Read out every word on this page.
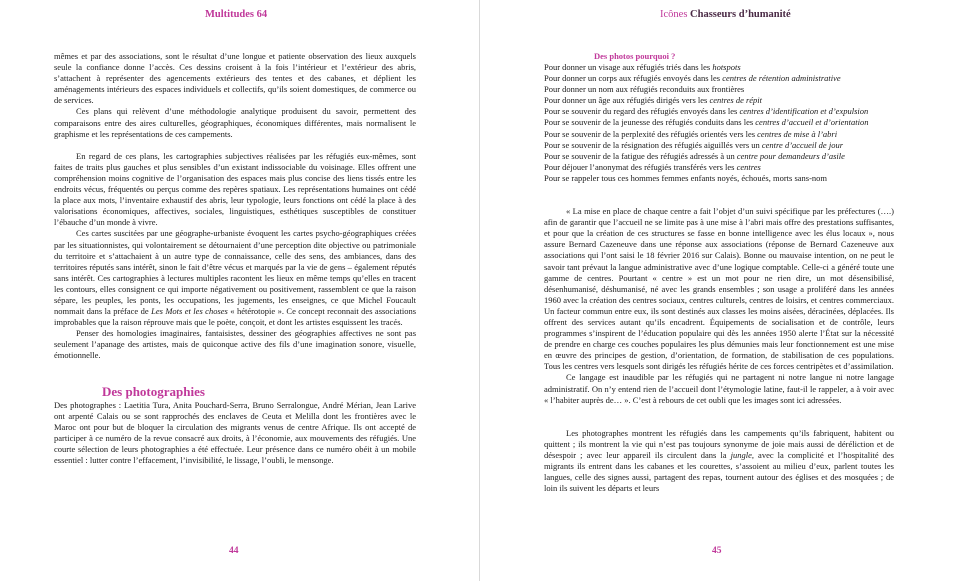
Multitudes 64

mêmes et par des associations, sont le résultat d’une longue et patiente observation des lieux auxquels seule la confiance donne l’accès. Ces dessins croisent à la fois l’intérieur et l’extérieur des abris, s’attachent à représenter des agencements extérieurs des tentes et des cabanes, et déplient les aménagements intérieurs des espaces individuels et collectifs, qu’ils soient domestiques, de commerce ou de services.

Ces plans qui relèvent d’une méthodologie analytique produisent du savoir, permettent des comparaisons entre des aires culturelles, géographiques, économiques différentes, mais normalisent le graphisme et les représentations de ces campements.

En regard de ces plans, les cartographies subjectives réalisées par les réfugiés eux-mêmes, sont faites de traits plus gauches et plus sensibles d’un existant indissociable du voisinage. Elles offrent une compréhension moins cognitive de l’organisation des espaces mais plus concise des liens tissés entre les endroits vécus, fréquentés ou perçus comme des repères spatiaux. Les représentations humaines ont cédé la place aux mots, l’inventaire exhaustif des abris, leur typologie, leurs fonctions ont cédé la place à des valorisations économiques, affectives, sociales, linguistiques, esthétiques susceptibles de constituer l’ébauche d’un monde à vivre.

Ces cartes suscitées par une géographe-urbaniste évoquent les cartes psycho-géographiques créées par les situationnistes, qui volontairement se détournaient d’une perception dite objective ou patrimoniale du territoire et s’attachaient à un autre type de connaissance, celle des sens, des ambiances, dans des territoires réputés sans intérêt, sinon le fait d’être vécus et marqués par la vie de gens – également réputés sans intérêt. Ces cartographies à lectures multiples racontent les lieux en même temps qu’elles en tracent les contours, elles consignent ce qui importe négativement ou positivement, rassemblent ce que la raison sépare, les peuples, les ponts, les occupations, les jugements, les enseignes, ce que Michel Foucault nommait dans la préface de Les Mots et les choses « hétérotopie ». Ce concept reconnait des associations improbables que la raison réprouve mais que le poète, conçoit, et dont les artistes esquissent les tracés.

Penser des homologies imaginaires, fantaisistes, dessiner des géographies affectives ne sont pas seulement l’apanage des artistes, mais de quiconque active des fils d’une imagination sonore, visuelle, émotionnelle.

Des photographies

Des photographes : Laetitia Tura, Anita Pouchard-Serra, Bruno Serralongue, André Mérian, Jean Larive ont arpenté Calais ou se sont rapprochés des enclaves de Ceuta et Melilla dont les frontières avec le Maroc ont pour but de bloquer la circulation des migrants venus de centre Afrique. Ils ont accepté de participer à ce numéro de la revue consacré aux droits, à l’économie, aux mouvements des réfugiés. Une courte sélection de leurs photographies a été effectuée. Leur présence dans ce numéro obéit à un mobile essentiel : lutter contre l’effacement, l’invisibilité, le lissage, l’oubli, le mensonge.

44
Icônes Chasseurs d’humanité
Des photos pourquoi ?
Pour donner un visage aux réfugiés triés dans les hotspots
Pour donner un corps aux réfugiés envoyés dans les centres de rétention administrative
Pour donner un nom aux réfugiés reconduits aux frontières
Pour donner un âge aux réfugiés dirigés vers les centres de répit
Pour se souvenir du regard des réfugiés envoyés dans les centres d’identification et d’expulsion
Pour se souvenir de la jeunesse des réfugiés conduits dans les centres d’accueil et d’orientation
Pour se souvenir de la perplexité des réfugiés orientés vers les centres de mise à l’abri
Pour se souvenir de la résignation des réfugiés aiguillés vers un centre d’accueil de jour
Pour se souvenir de la fatigue des réfugiés adressés à un centre pour demandeurs d’asile
Pour déjouer l’anonymat des réfugiés transférés vers les centres
Pour se rappeler tous ces hommes femmes enfants noyés, échoués, morts sans-nom

« La mise en place de chaque centre a fait l’objet d’un suivi spécifique par les préfectures (….) afin de garantir que l’accueil ne se limite pas à une mise à l’abri mais offre des prestations suffisantes, et pour que la création de ces structures se fasse en bonne intelligence avec les élus locaux », nous assure Bernard Cazeneuve dans une réponse aux associations (réponse de Bernard Cazeneuve aux associations qui l’ont saisi le 18 février 2016 sur Calais). Bonne ou mauvaise intention, on ne peut le savoir tant prévaut la langue administrative avec d’une logique comptable. Celle-ci a généré toute une gamme de centres. Pourtant « centre » est un mot pour ne rien dire, un mot désensibilisé, désenhumanisé, déshumanisé, né avec les grands ensembles ; son usage a proliféré dans les années 1960 avec la création des centres sociaux, centres culturels, centres de loisirs, et centres commerciaux. Un facteur commun entre eux, ils sont destinés aux classes les moins aisées, déracinées, déplacées. Ils offrent des services autant qu’ils encadrent. Équipements de socialisation et de contrôle, leurs programmes s’inspirent de l’éducation populaire qui dès les années 1950 alerte l’État sur la nécessité de prendre en charge ces couches populaires les plus démunies mais leur fonctionnement est une mise en œuvre des principes de gestion, d’orientation, de formation, de stabilisation de ces populations. Tous les centres vers lesquels sont dirigés les réfugiés hérite de ces forces centripètes et d’assimilation.

Ce langage est inaudible par les réfugiés qui ne partagent ni notre langue ni notre langage administratif. On n’y entend rien de l’accueil dont l’étymologie latine, faut-il le rappeler, a à voir avec « l’habiter auprès de… ». C’est à rebours de cet oubli que les images sont ici adressées.

Les photographes montrent les réfugiés dans les campements qu’ils fabriquent, habitent ou quittent ; ils montrent la vie qui n’est pas toujours synonyme de joie mais aussi de déréliction et de désespoir ; avec leur appareil ils circulent dans la jungle, avec la complicité et l’hospitalité des migrants ils entrent dans les cabanes et les courettes, s’assoient au milieu d’eux, parlent toutes les langues, celle des signes aussi, partagent des repas, tournent autour des églises et des mosquées ; de loin ils suivent les départs et leurs

45
